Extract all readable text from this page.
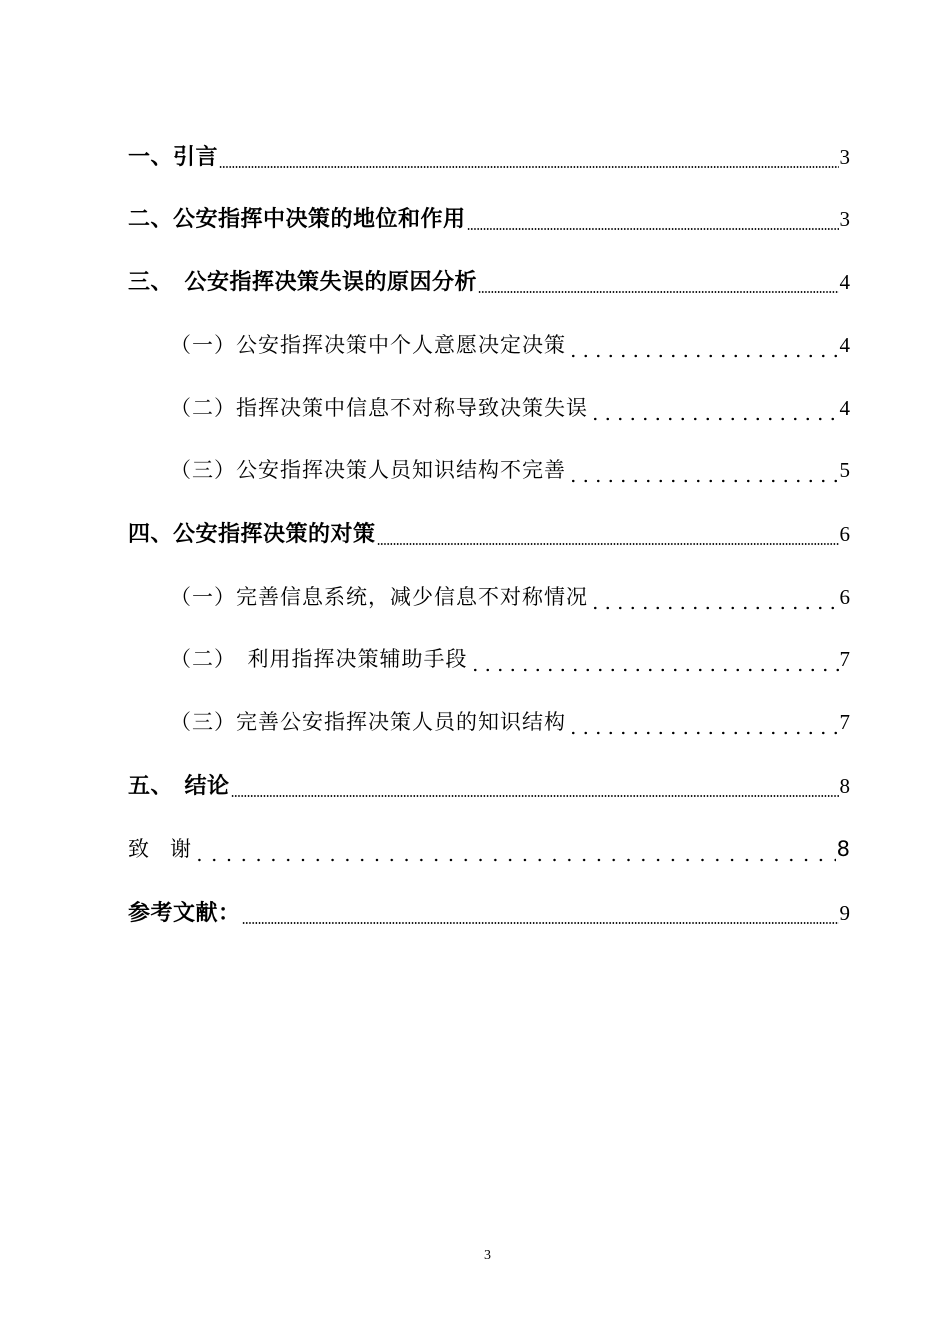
一、引言	3
二、公安指挥中决策的地位和作用	3
三、　公安指挥决策失误的原因分析	4
（一）公安指挥决策中个人意愿决定决策	4
（二）指挥决策中信息不对称导致决策失误	4
（三）公安指挥决策人员知识结构不完善	5
四、公安指挥决策的对策	6
（一）完善信息系统，减少信息不对称情况	6
（二）　利用指挥决策辅助手段	7
（三）完善公安指挥决策人员的知识结构	7
五、　结论	8
致　谢	8
参考文献：	9
3
